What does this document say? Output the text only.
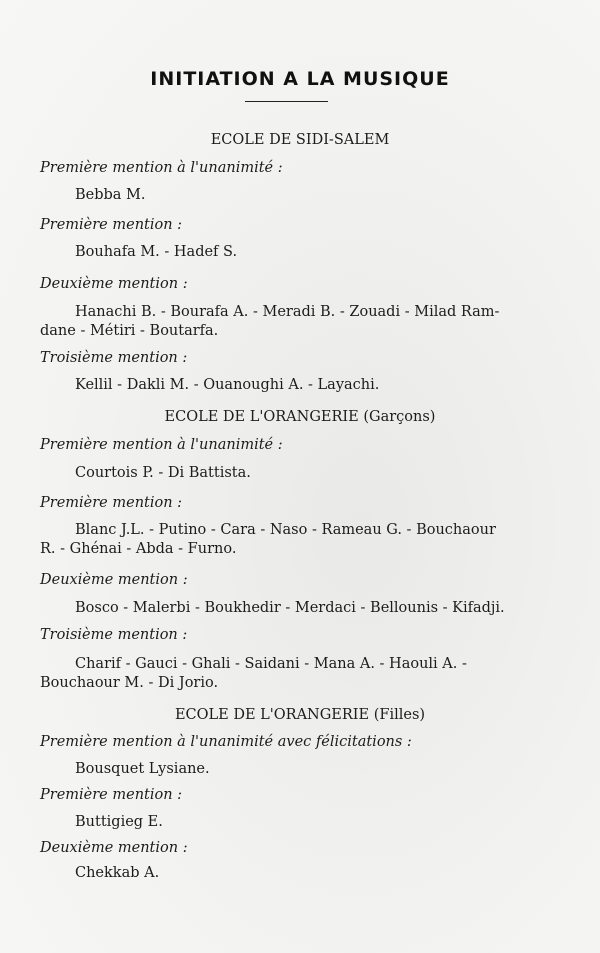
INITIATION A LA MUSIQUE
ECOLE DE SIDI-SALEM
Première mention à l'unanimité :
Bebba M.
Première mention :
Bouhafa M. - Hadef S.
Deuxième mention :
Hanachi B. - Bourafa A. - Meradi B. - Zouadi - Milad Ram-
dane - Métiri - Boutarfa.
Troisième mention :
Kellil - Dakli M. - Ouanoughi A. - Layachi.
ECOLE DE L'ORANGERIE (Garçons)
Première mention à l'unanimité :
Courtois P. - Di Battista.
Première mention :
Blanc J.L. - Putino - Cara - Naso - Rameau G. - Bouchaour
R. - Ghénai - Abda - Furno.
Deuxième mention :
Bosco - Malerbi - Boukhedir - Merdaci - Bellounis - Kifadji.
Troisième mention :
Charif - Gauci - Ghali - Saidani - Mana A. - Haouli A. -
Bouchaour M. - Di Jorio.
ECOLE DE L'ORANGERIE (Filles)
Première mention à l'unanimité avec félicitations :
Bousquet Lysiane.
Première mention :
Buttigieg E.
Deuxième mention :
Chekkab A.
